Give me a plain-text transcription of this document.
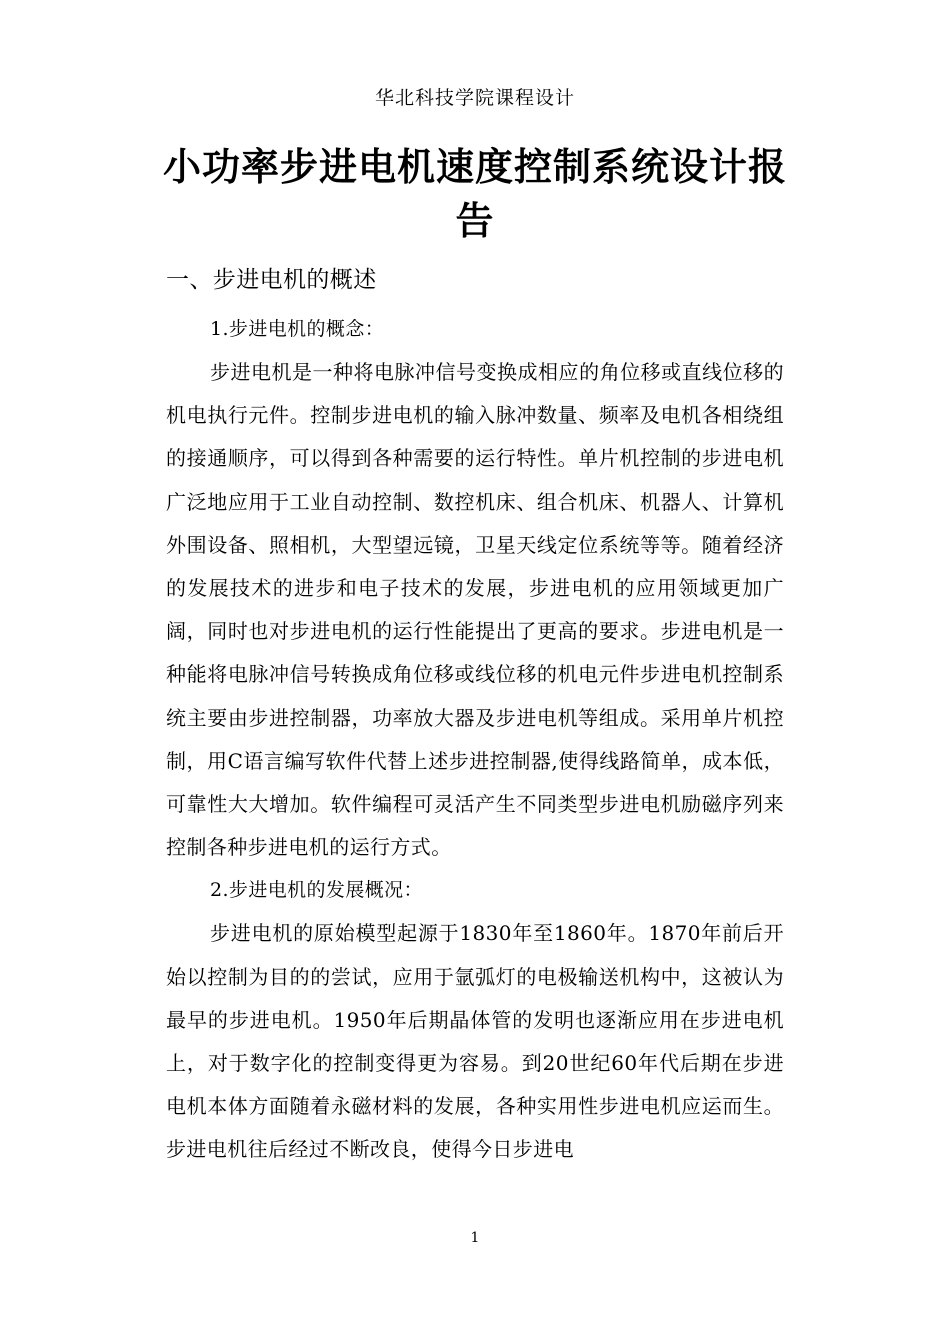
华北科技学院课程设计
小功率步进电机速度控制系统设计报告
一、步进电机的概述

1.步进电机的概念：

步进电机是一种将电脉冲信号变换成相应的角位移或直线位移的机电执行元件。控制步进电机的输入脉冲数量、频率及电机各相绕组的接通顺序，可以得到各种需要的运行特性。单片机控制的步进电机广泛地应用于工业自动控制、数控机床、组合机床、机器人、计算机外围设备、照相机，大型望远镜，卫星天线定位系统等等。随着经济的发展技术的进步和电子技术的发展，步进电机的应用领域更加广阔，同时也对步进电机的运行性能提出了更高的要求。步进电机是一种能将电脉冲信号转换成角位移或线位移的机电元件步进电机控制系统主要由步进控制器，功率放大器及步进电机等组成。采用单片机控制，用C语言编写软件代替上述步进控制器,使得线路简单，成本低，可靠性大大增加。软件编程可灵活产生不同类型步进电机励磁序列来控制各种步进电机的运行方式。

2.步进电机的发展概况：

步进电机的原始模型起源于1830年至1860年。1870年前后开始以控制为目的的尝试，应用于氩弧灯的电极输送机构中，这被认为最早的步进电机。1950年后期晶体管的发明也逐渐应用在步进电机上，对于数字化的控制变得更为容易。到20世纪60年代后期在步进电机本体方面随着永磁材料的发展，各种实用性步进电机应运而生。步进电机往后经过不断改良，使得今日步进电

1
